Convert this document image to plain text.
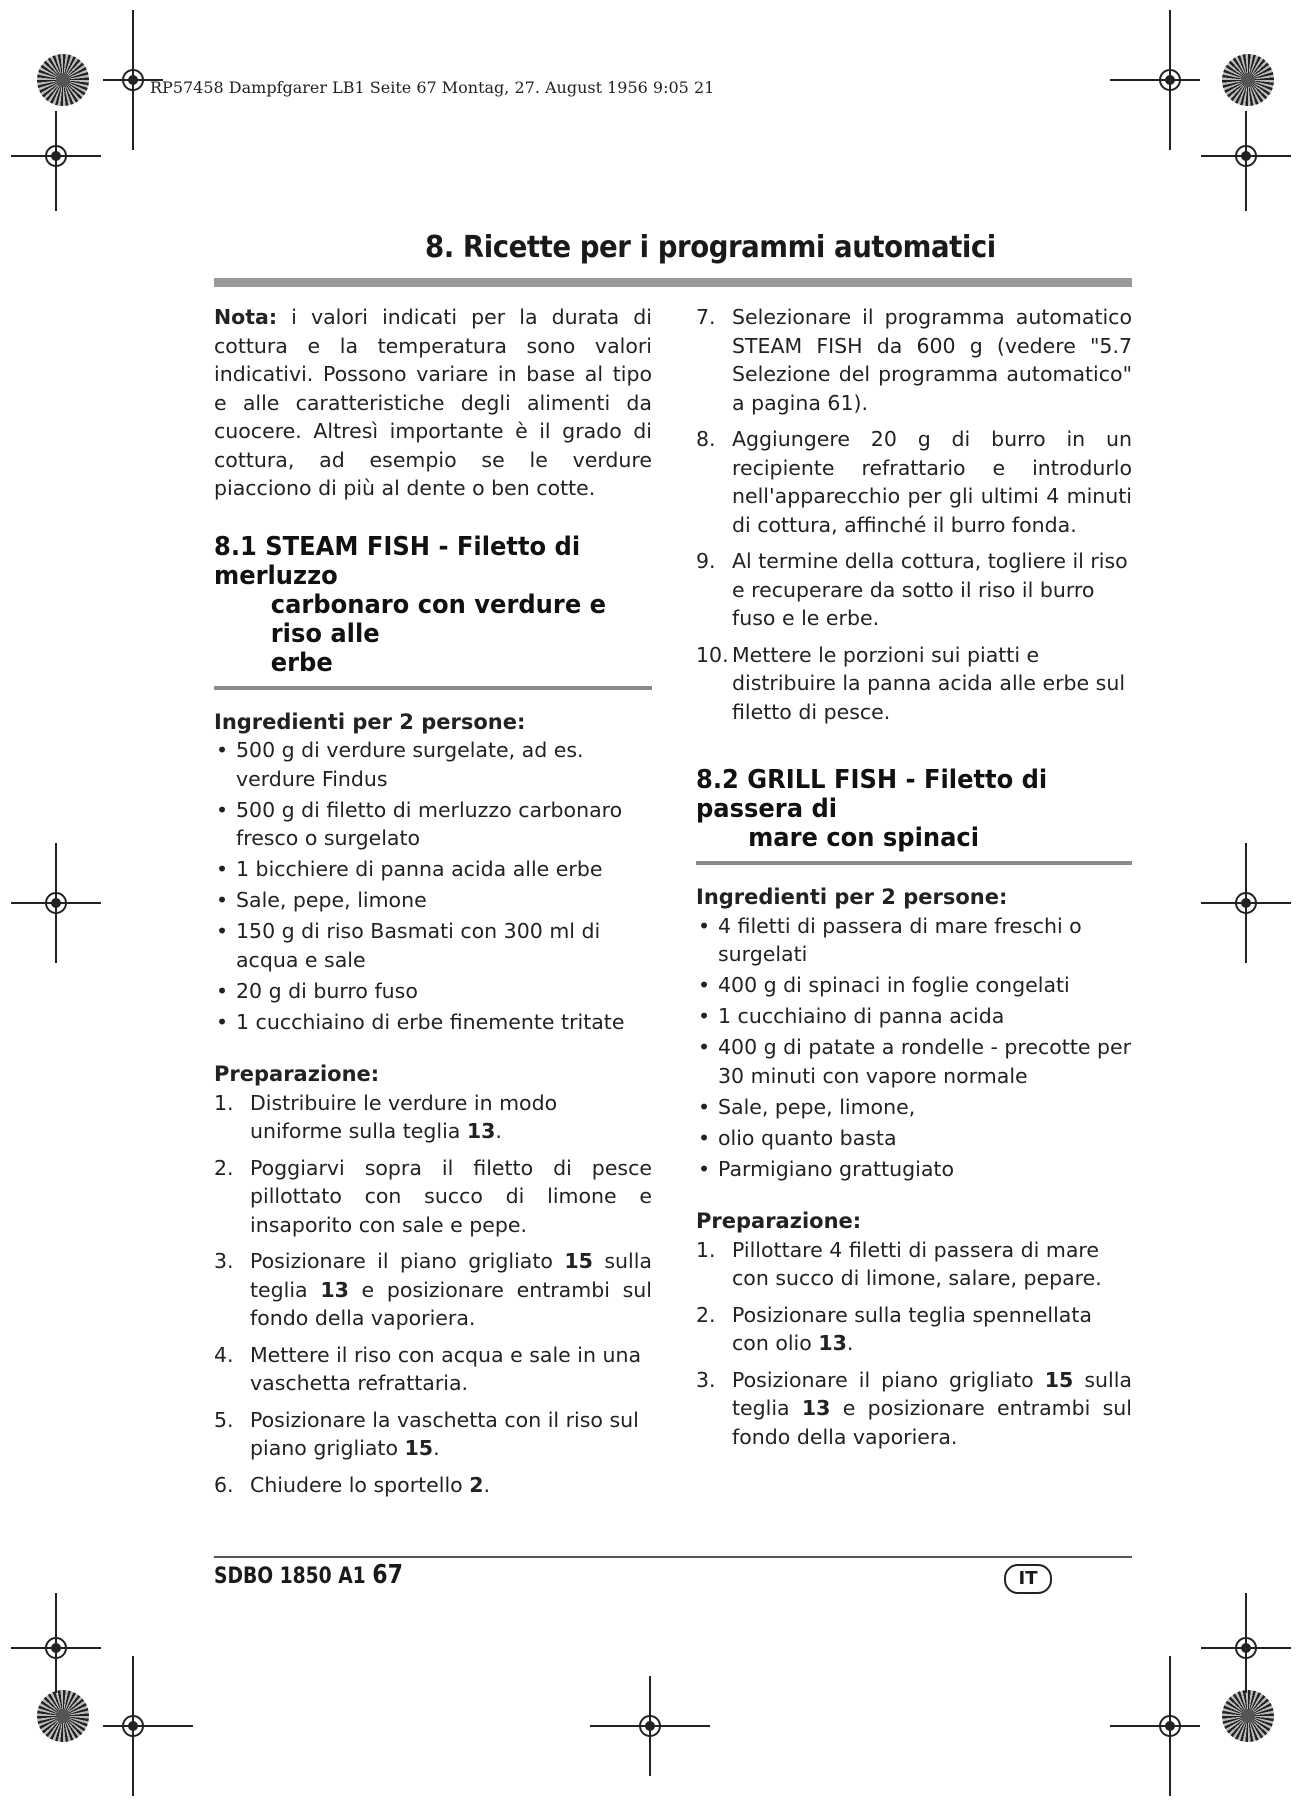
RP57458 Dampfgarer LB1 Seite 67 Montag, 27. August 1956 9:05 21
8. Ricette per i programmi automatici

Nota: i valori indicati per la durata di cottura e la temperatura sono valori indicativi. Possono variare in base al tipo e alle caratteristiche degli alimenti da cuocere. Altresì importante è il grado di cottura, ad esempio se le verdure piacciono di più al dente o ben cotte.

8.1 STEAM FISH - Filetto di merluzzo
carbonaro con verdure e riso alle
erbe

Ingredienti per 2 persone:

• 500 g di verdure surgelate, ad es. verdure Findus
• 500 g di filetto di merluzzo carbonaro fresco o surgelato
• 1 bicchiere di panna acida alle erbe
• Sale, pepe, limone
• 150 g di riso Basmati con 300 ml di acqua e sale
• 20 g di burro fuso
• 1 cucchiaino di erbe finemente tritate

Preparazione:

1. Distribuire le verdure in modo uniforme sulla teglia 13.
2. Poggiarvi sopra il filetto di pesce pillottato con succo di limone e insaporito con sale e pepe.
3. Posizionare il piano grigliato 15 sulla teglia 13 e posizionare entrambi sul fondo della vaporiera.
4. Mettere il riso con acqua e sale in una vaschetta refrattaria.
5. Posizionare la vaschetta con il riso sul piano grigliato 15.
6. Chiudere lo sportello 2.
7. Selezionare il programma automatico STEAM FISH da 600 g (vedere "5.7 Selezione del programma automatico" a pagina 61).
8. Aggiungere 20 g di burro in un recipiente refrattario e introdurlo nell'apparecchio per gli ultimi 4 minuti di cottura, affinché il burro fonda.
9. Al termine della cottura, togliere il riso e recuperare da sotto il riso il burro fuso e le erbe.
10. Mettere le porzioni sui piatti e distribuire la panna acida alle erbe sul filetto di pesce.
8.2 GRILL FISH - Filetto di passera di
mare con spinaci

Ingredienti per 2 persone:

• 4 filetti di passera di mare freschi o surgelati
• 400 g di spinaci in foglie congelati
• 1 cucchiaino di panna acida
• 400 g di patate a rondelle - precotte per 30 minuti con vapore normale
• Sale, pepe, limone,
• olio quanto basta
• Parmigiano grattugiato

Preparazione:

1. Pillottare 4 filetti di passera di mare con succo di limone, salare, pepare.
2. Posizionare sulla teglia spennellata con olio 13.
3. Posizionare il piano grigliato 15 sulla teglia 13 e posizionare entrambi sul fondo della vaporiera.
SDBO 1850 A1 67	IT
